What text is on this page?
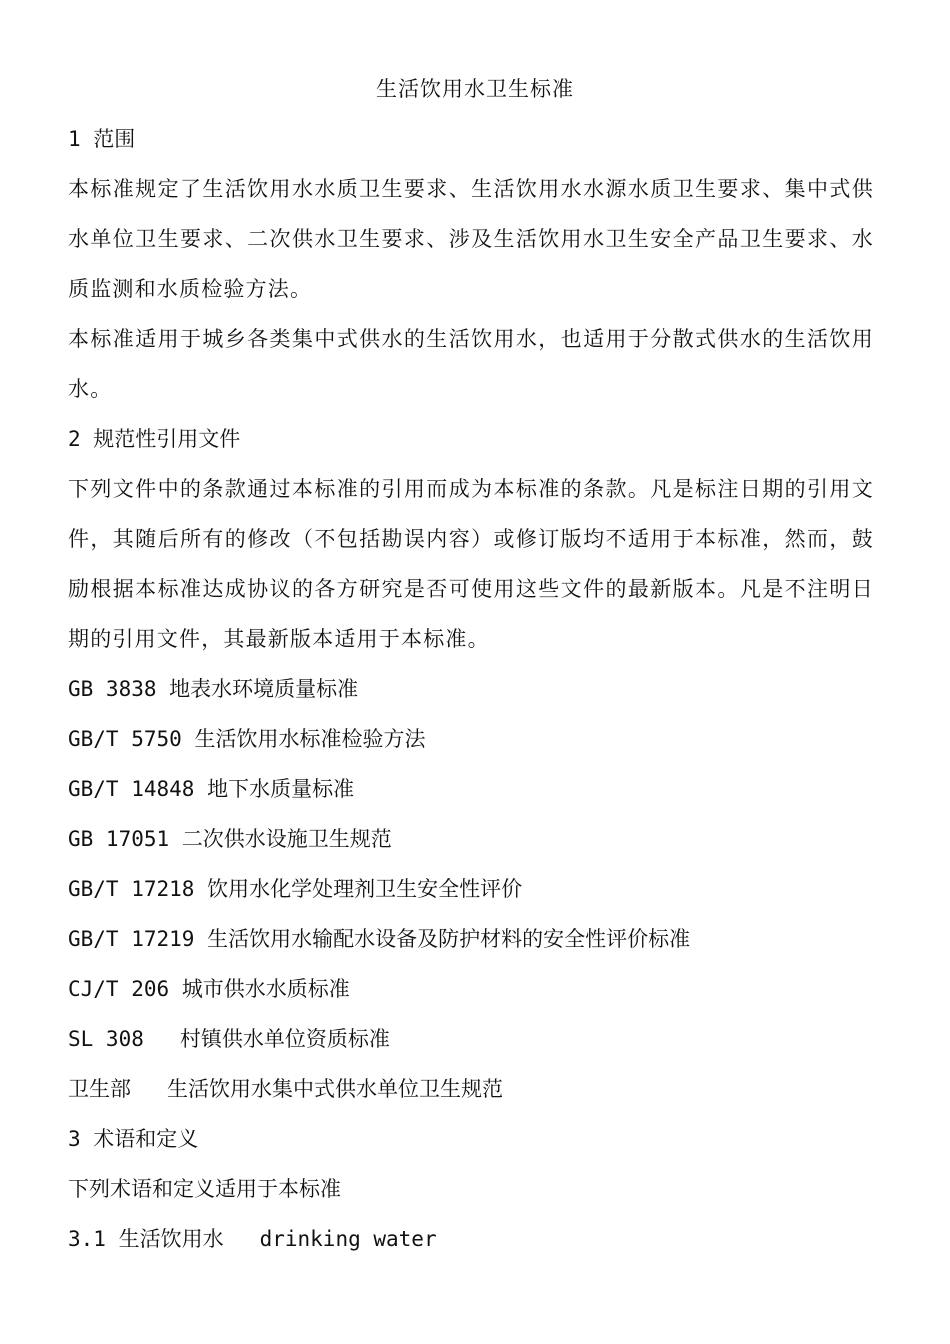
生活饮用水卫生标准
1 范围
本标准规定了生活饮用水水质卫生要求、生活饮用水水源水质卫生要求、集中式供水单位卫生要求、二次供水卫生要求、涉及生活饮用水卫生安全产品卫生要求、水质监测和水质检验方法。
本标准适用于城乡各类集中式供水的生活饮用水，也适用于分散式供水的生活饮用水。
2 规范性引用文件
下列文件中的条款通过本标准的引用而成为本标准的条款。凡是标注日期的引用文件，其随后所有的修改（不包括勘误内容）或修订版均不适用于本标准，然而，鼓励根据本标准达成协议的各方研究是否可使用这些文件的最新版本。凡是不注明日期的引用文件，其最新版本适用于本标准。
GB 3838 地表水环境质量标准
GB/T 5750 生活饮用水标准检验方法
GB/T 14848 地下水质量标准
GB 17051 二次供水设施卫生规范
GB/T 17218 饮用水化学处理剂卫生安全性评价
GB/T 17219 生活饮用水输配水设备及防护材料的安全性评价标准
CJ/T 206 城市供水水质标准
SL 308 村镇供水单位资质标准
卫生部 生活饮用水集中式供水单位卫生规范
3 术语和定义
下列术语和定义适用于本标准
3.1 生活饮用水 drinking water
